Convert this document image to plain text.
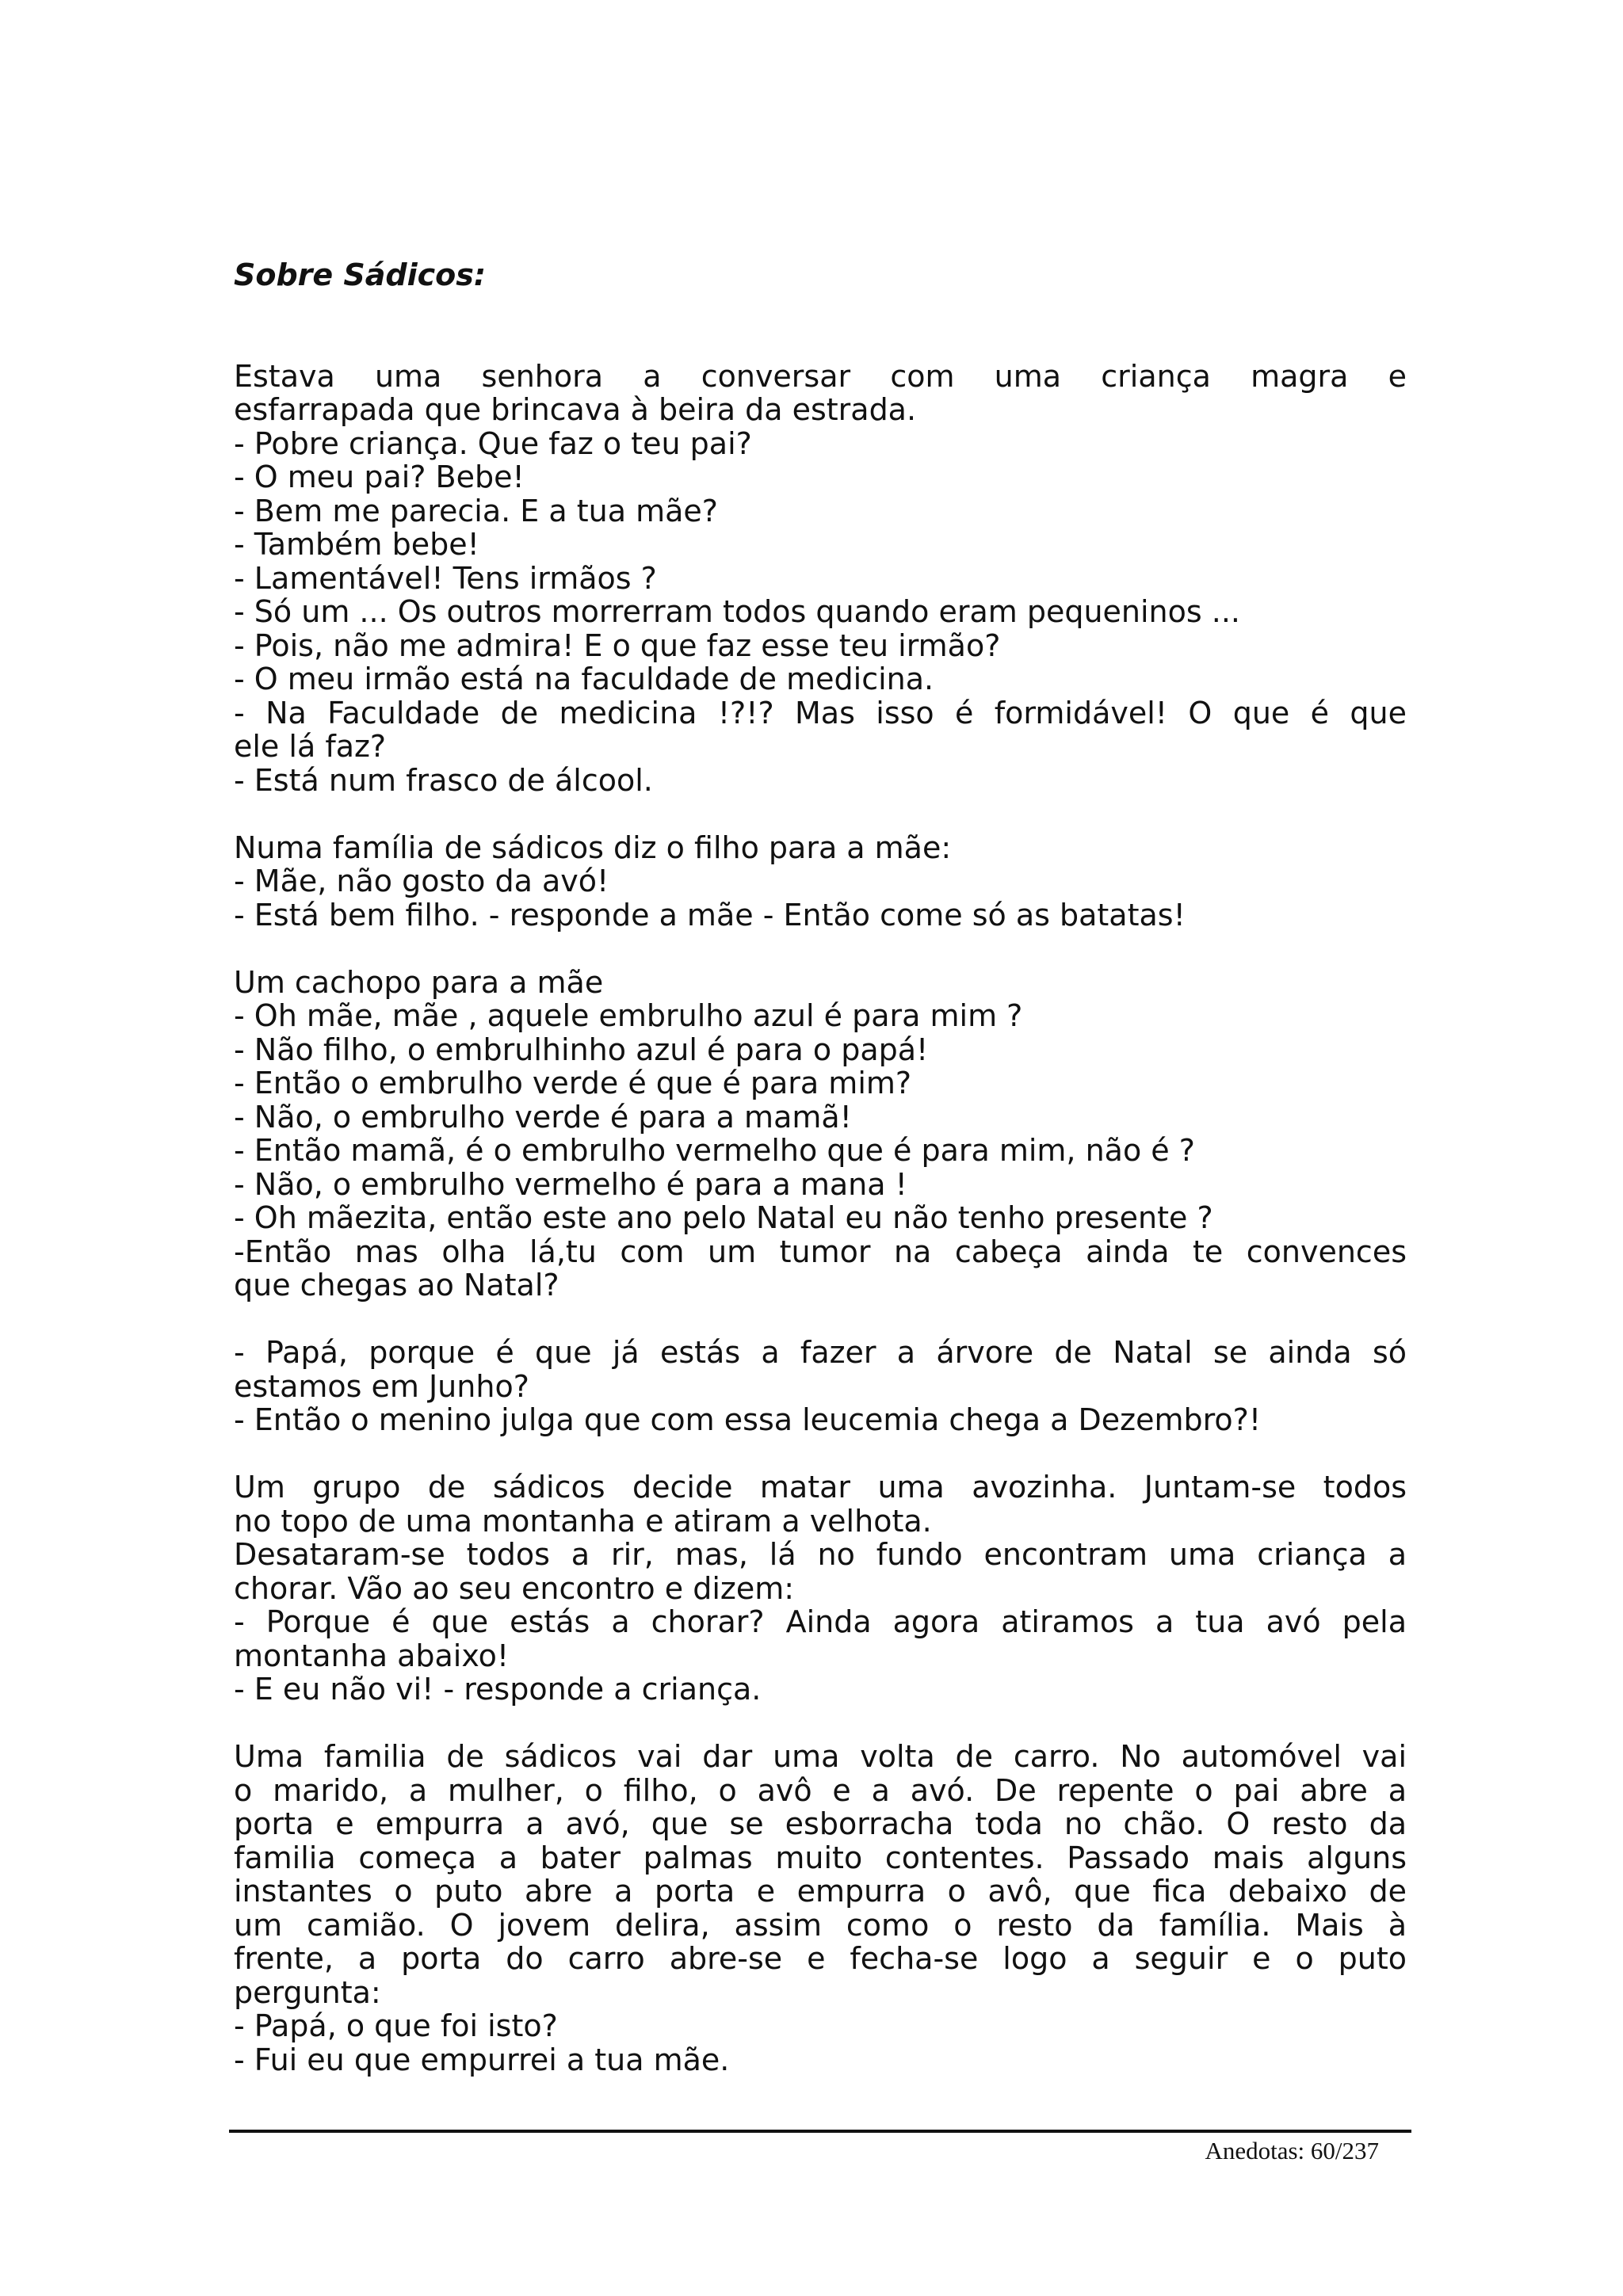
Sobre Sádicos:
Estava uma senhora a conversar com uma criança magra e
esfarrapada que brincava à beira da estrada.
- Pobre criança. Que faz o teu pai?
- O meu pai? Bebe!
- Bem me parecia. E a tua mãe?
- Também bebe!
- Lamentável! Tens irmãos ?
- Só um ... Os outros morrerram todos quando eram pequeninos ...
- Pois, não me admira! E o que faz esse teu irmão?
- O meu irmão está na faculdade de medicina.
- Na Faculdade de medicina !?!? Mas isso é formidável! O que é que
ele lá faz?
- Está num frasco de álcool.
Numa família de sádicos diz o filho para a mãe:
- Mãe, não gosto da avó!
- Está bem filho. - responde a mãe - Então come só as batatas!
Um cachopo para a mãe
- Oh mãe, mãe , aquele embrulho azul é para mim ?
- Não filho, o embrulhinho azul é para o papá!
- Então o embrulho verde é que é para mim?
- Não, o embrulho verde é para a mamã!
- Então mamã, é o embrulho vermelho que é para mim, não é ?
- Não, o embrulho vermelho é para a mana !
- Oh mãezita, então este ano pelo Natal eu não tenho presente ?
-Então mas olha lá,tu com um tumor na cabeça ainda te convences
que chegas ao Natal?
- Papá, porque é que já estás a fazer a árvore de Natal se ainda só
estamos em Junho?
- Então o menino julga que com essa leucemia chega a Dezembro?!
Um grupo de sádicos decide matar uma avozinha. Juntam-se todos
no topo de uma montanha e atiram a velhota.
Desataram-se todos a rir, mas, lá no fundo encontram uma criança a
chorar. Vão ao seu encontro e dizem:
- Porque é que estás a chorar? Ainda agora atiramos a tua avó pela
montanha abaixo!
- E eu não vi! - responde a criança.
Uma familia de sádicos vai dar uma volta de carro. No automóvel vai
o marido, a mulher, o filho, o avô e a avó. De repente o pai abre a
porta e empurra a avó, que se esborracha toda no chão. O resto da
familia começa a bater palmas muito contentes. Passado mais alguns
instantes o puto abre a porta e empurra o avô, que fica debaixo de
um camião. O jovem delira, assim como o resto da família. Mais à
frente, a porta do carro abre-se e fecha-se logo a seguir e o puto
pergunta:
- Papá, o que foi isto?
- Fui eu que empurrei a tua mãe.
Anedotas: 60/237
